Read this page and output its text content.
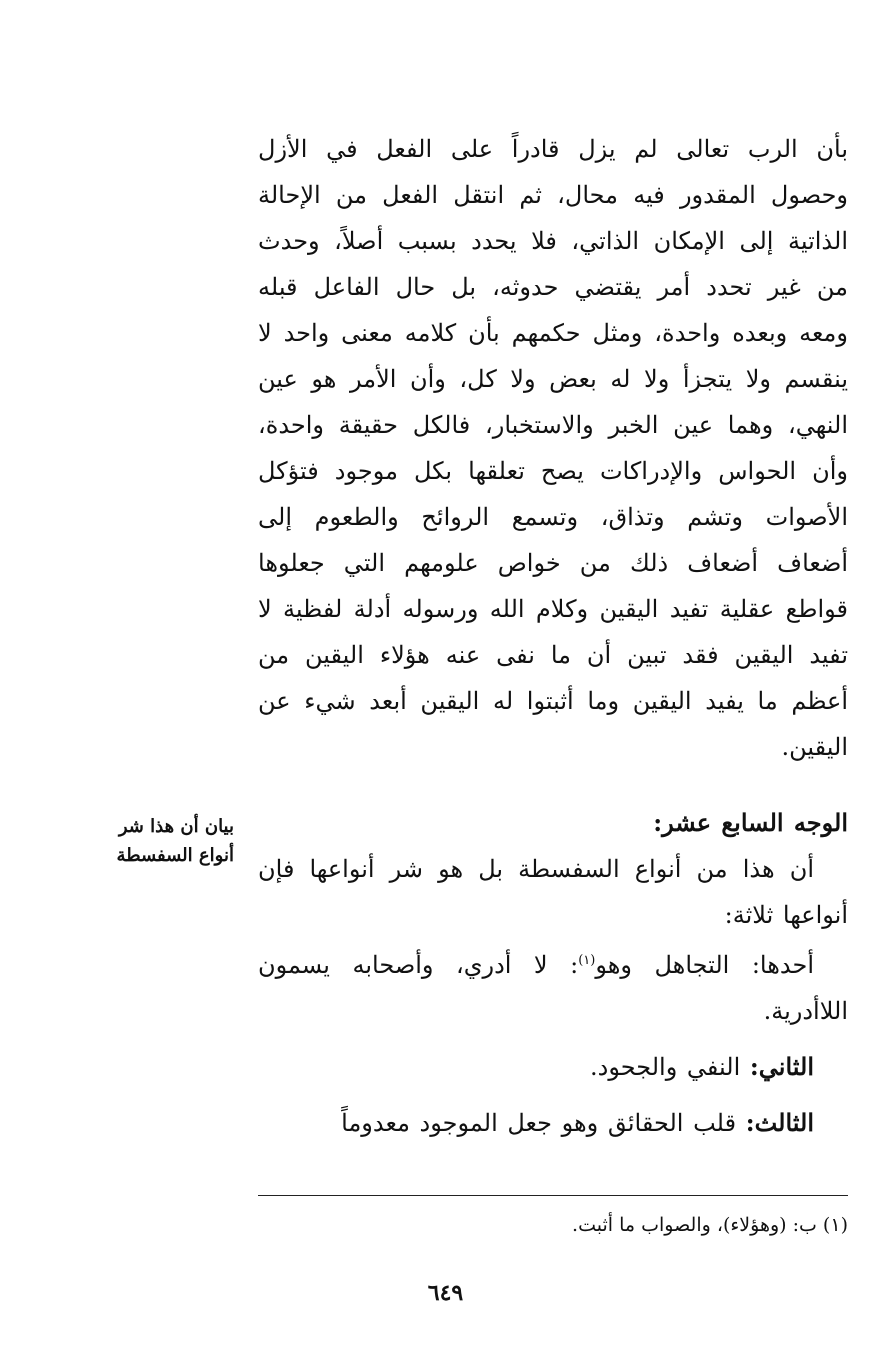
بأن الرب تعالى لم يزل قادراً على الفعل في الأزل وحصول المقدور فيه محال، ثم انتقل الفعل من الإحالة الذاتية إلى الإمكان الذاتي، فلا يحدد بسبب أصلاً، وحدث من غير تحدد أمر يقتضي حدوثه، بل حال الفاعل قبله ومعه وبعده واحدة، ومثل حكمهم بأن كلامه معنى واحد لا ينقسم ولا يتجزأ ولا له بعض ولا كل، وأن الأمر هو عين النهي، وهما عين الخبر والاستخبار، فالكل حقيقة واحدة، وأن الحواس والإدراكات يصح تعلقها بكل موجود فتؤكل الأصوات وتشم وتذاق، وتسمع الروائح والطعوم إلى أضعاف أضعاف ذلك من خواص علومهم التي جعلوها قواطع عقلية تفيد اليقين وكلام الله ورسوله أدلة لفظية لا تفيد اليقين فقد تبين أن ما نفى عنه هؤلاء اليقين من أعظم ما يفيد اليقين وما أثبتوا له اليقين أبعد شيء عن اليقين.

الوجه السابع عشر:

أن هذا من أنواع السفسطة بل هو شر أنواعها فإن أنواعها ثلاثة:

أحدها: التجاهل وهو$^{(١)}$: لا أدري، وأصحابه يسمون اللاأدرية.

الثاني: النفي والجحود.

الثالث: قلب الحقائق وهو جعل الموجود معدوماً

بيان أن هذا شر أنواع السفسطة
(١) ب: (وهؤلاء)، والصواب ما أثبت.
٦٤٩
